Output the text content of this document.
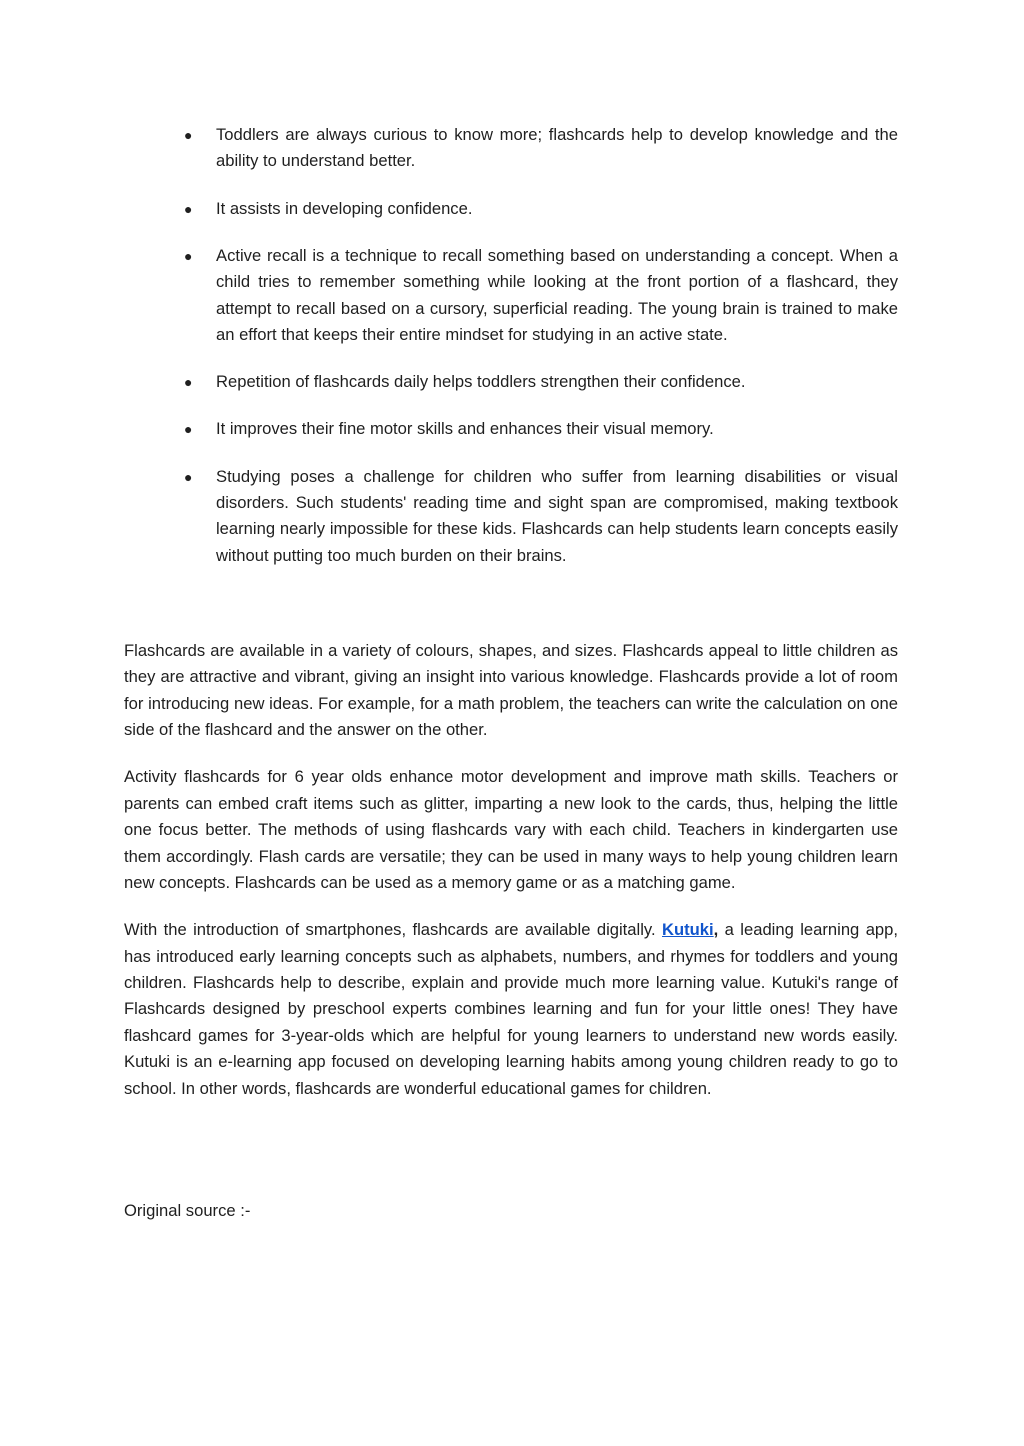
● Toddlers are always curious to know more; flashcards help to develop knowledge and the ability to understand better.
● It assists in developing confidence.
● Active recall is a technique to recall something based on understanding a concept. When a child tries to remember something while looking at the front portion of a flashcard, they attempt to recall based on a cursory, superficial reading. The young brain is trained to make an effort that keeps their entire mindset for studying in an active state.
● Repetition of flashcards daily helps toddlers strengthen their confidence.
● It improves their fine motor skills and enhances their visual memory.
● Studying poses a challenge for children who suffer from learning disabilities or visual disorders. Such students' reading time and sight span are compromised, making textbook learning nearly impossible for these kids. Flashcards can help students learn concepts easily without putting too much burden on their brains.

Flashcards are available in a variety of colours, shapes, and sizes. Flashcards appeal to little children as they are attractive and vibrant, giving an insight into various knowledge. Flashcards provide a lot of room for introducing new ideas. For example, for a math problem, the teachers can write the calculation on one side of the flashcard and the answer on the other.

Activity flashcards for 6 year olds enhance motor development and improve math skills. Teachers or parents can embed craft items such as glitter, imparting a new look to the cards, thus, helping the little one focus better. The methods of using flashcards vary with each child. Teachers in kindergarten use them accordingly. Flash cards are versatile; they can be used in many ways to help young children learn new concepts. Flashcards can be used as a memory game or as a matching game.

With the introduction of smartphones, flashcards are available digitally. Kutuki, a leading learning app, has introduced early learning concepts such as alphabets, numbers, and rhymes for toddlers and young children. Flashcards help to describe, explain and provide much more learning value. Kutuki's range of Flashcards designed by preschool experts combines learning and fun for your little ones! They have flashcard games for 3-year-olds which are helpful for young learners to understand new words easily. Kutuki is an e-learning app focused on developing learning habits among young children ready to go to school. In other words, flashcards are wonderful educational games for children.

Original source :-
